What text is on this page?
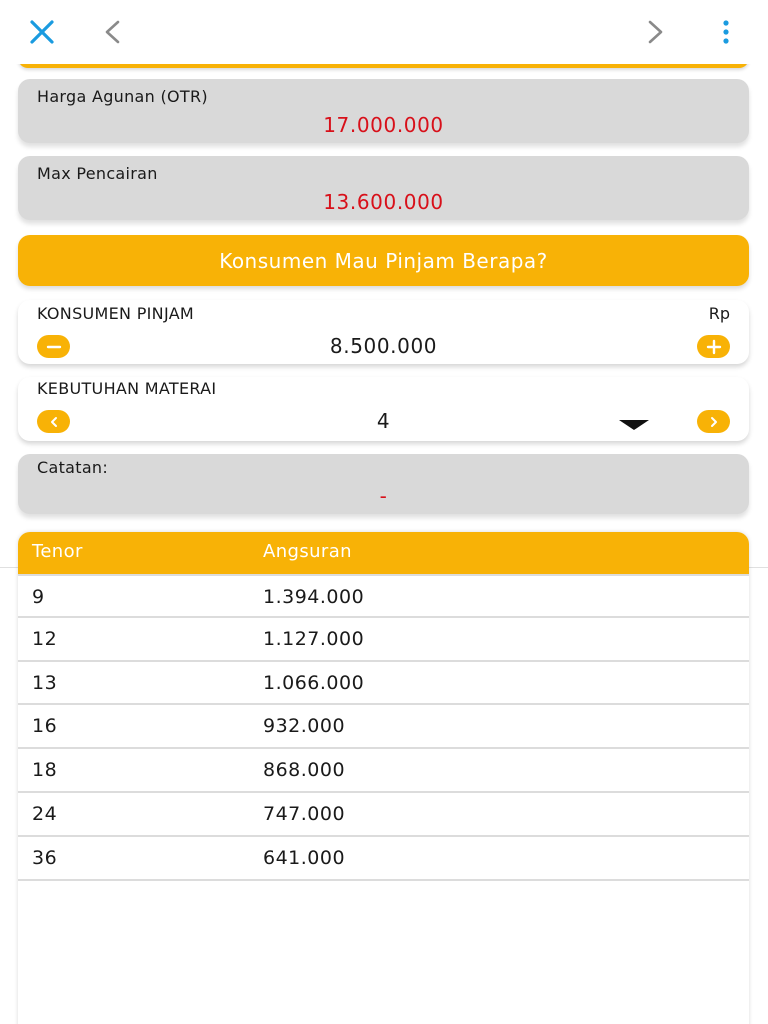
Harga Agunan (OTR)
17.000.000
Max Pencairan
13.600.000
Konsumen Mau Pinjam Berapa?
KONSUMEN PINJAM	Rp
8.500.000
KEBUTUHAN MATERAI
4
Catatan:
-
Tenor	Angsuran
9	1.394.000
12	1.127.000
13	1.066.000
16	932.000
18	868.000
24	747.000
36	641.000
